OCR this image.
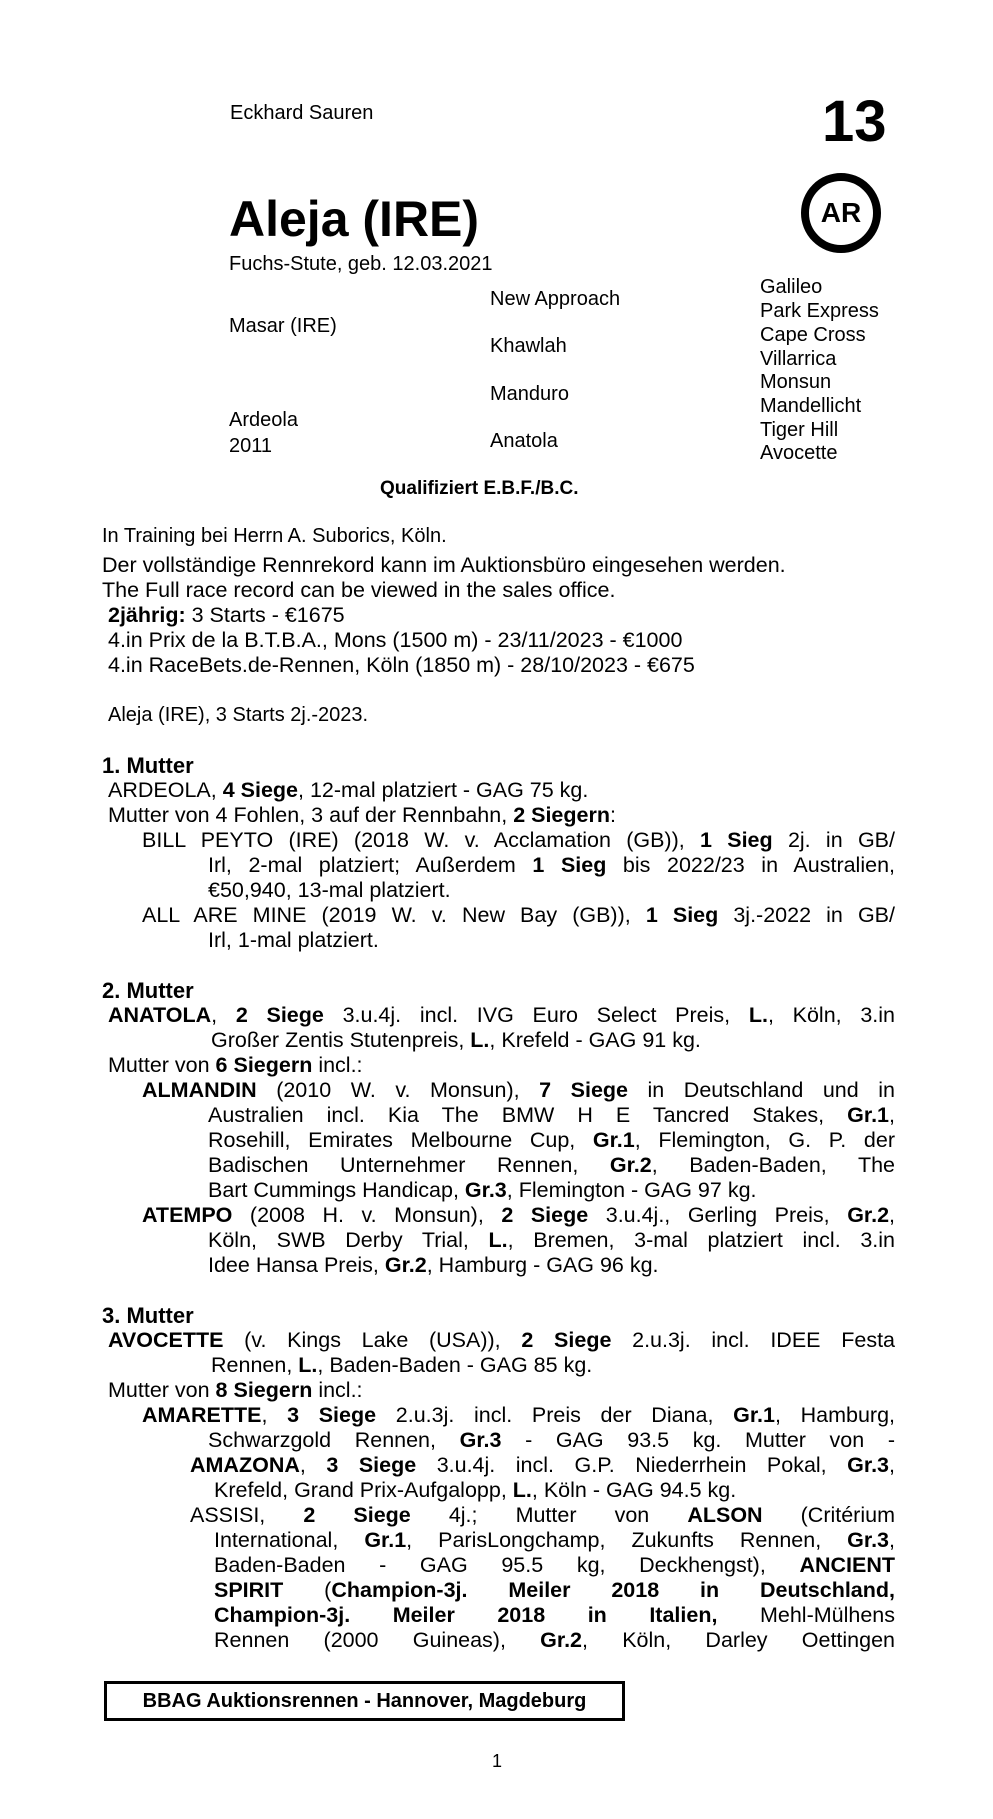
Eckhard Sauren	13
AR
Aleja (IRE)
Fuchs-Stute, geb. 12.03.2021
Masar (IRE)
Ardeola
2011
New Approach
Khawlah
Manduro
Anatola
Galileo
Park Express
Cape Cross
Villarrica
Monsun
Mandellicht
Tiger Hill
Avocette
Qualifiziert E.B.F./B.C.

In Training bei Herrn A. Suborics, Köln.

Der vollständige Rennrekord kann im Auktionsbüro eingesehen werden.

The Full race record can be viewed in the sales office.

2jährig: 3 Starts - €1675

4.in Prix de la B.T.B.A., Mons (1500 m) - 23/11/2023 - €1000

4.in RaceBets.de-Rennen, Köln (1850 m) - 28/10/2023 - €675

Aleja (IRE), 3 Starts 2j.-2023.

1. Mutter

ARDEOLA, 4 Siege, 12-mal platziert - GAG 75 kg.

Mutter von 4 Fohlen, 3 auf der Rennbahn, 2 Siegern:

BILL PEYTO (IRE) (2018 W. v. Acclamation (GB)), 1 Sieg 2j. in GB/

Irl, 2-mal platziert; Außerdem 1 Sieg bis 2022/23 in Australien,

€50,940, 13-mal platziert.

ALL ARE MINE (2019 W. v. New Bay (GB)), 1 Sieg 3j.-2022 in GB/

Irl, 1-mal platziert.

2. Mutter

ANATOLA, 2 Siege 3.u.4j. incl. IVG Euro Select Preis, L., Köln, 3.in

Großer Zentis Stutenpreis, L., Krefeld - GAG 91 kg.

Mutter von 6 Siegern incl.:

ALMANDIN (2010 W. v. Monsun), 7 Siege in Deutschland und in

Australien incl. Kia The BMW H E Tancred Stakes, Gr.1,

Rosehill, Emirates Melbourne Cup, Gr.1, Flemington, G. P. der

Badischen Unternehmer Rennen, Gr.2, Baden-Baden, The

Bart Cummings Handicap, Gr.3, Flemington - GAG 97 kg.

ATEMPO (2008 H. v. Monsun), 2 Siege 3.u.4j., Gerling Preis, Gr.2,

Köln, SWB Derby Trial, L., Bremen, 3-mal platziert incl. 3.in

Idee Hansa Preis, Gr.2, Hamburg - GAG 96 kg.

3. Mutter

AVOCETTE (v. Kings Lake (USA)), 2 Siege 2.u.3j. incl. IDEE Festa

Rennen, L., Baden-Baden - GAG 85 kg.

Mutter von 8 Siegern incl.:

AMARETTE, 3 Siege 2.u.3j. incl. Preis der Diana, Gr.1, Hamburg,

Schwarzgold Rennen, Gr.3 - GAG 93.5 kg. Mutter von -

AMAZONA, 3 Siege 3.u.4j. incl. G.P. Niederrhein Pokal, Gr.3,

Krefeld, Grand Prix-Aufgalopp, L., Köln - GAG 94.5 kg.

ASSISI, 2 Siege 4j.; Mutter von ALSON (Critérium

International, Gr.1, ParisLongchamp, Zukunfts Rennen, Gr.3,

Baden-Baden - GAG 95.5 kg, Deckhengst), ANCIENT

SPIRIT (Champion-3j. Meiler 2018 in Deutschland,

Champion-3j. Meiler 2018 in Italien, Mehl-Mülhens

Rennen (2000 Guineas), Gr.2, Köln, Darley Oettingen

BBAG Auktionsrennen - Hannover, Magdeburg
1
